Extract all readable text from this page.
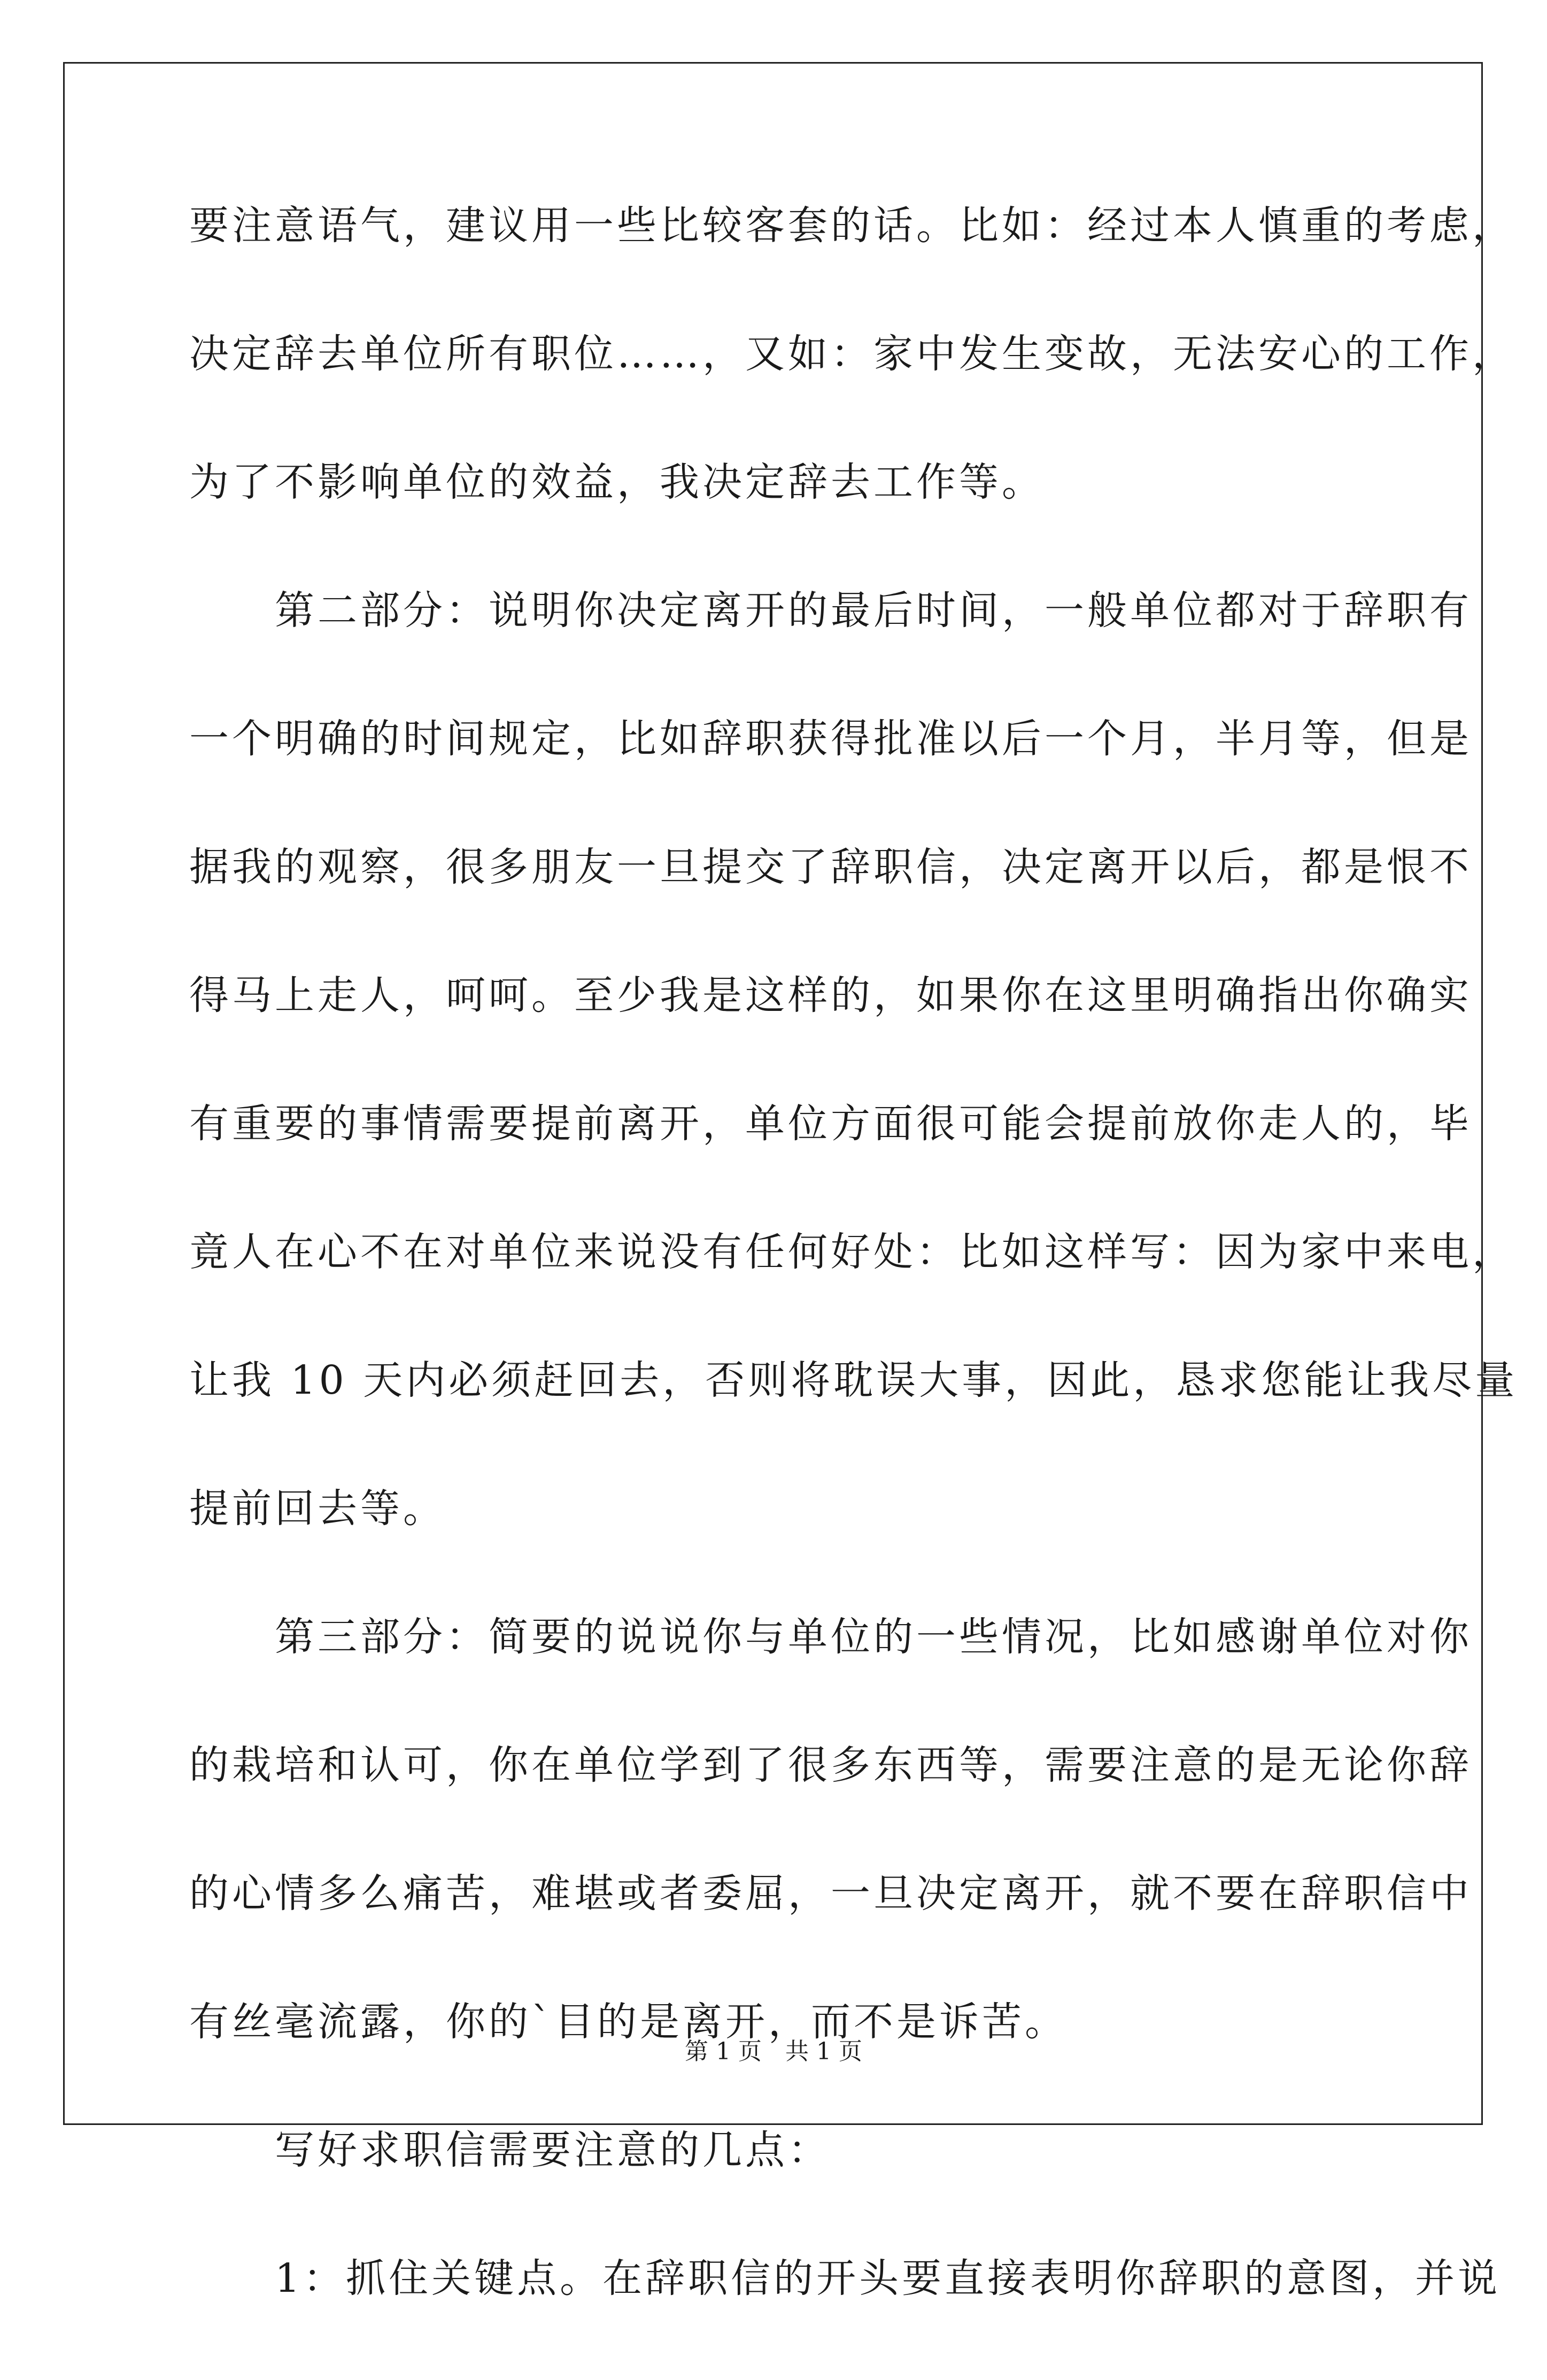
要注意语气，建议用一些比较客套的话。比如：经过本人慎重的考虑，
决定辞去单位所有职位……，又如：家中发生变故，无法安心的工作，
为了不影响单位的效益，我决定辞去工作等。
　　第二部分：说明你决定离开的最后时间，一般单位都对于辞职有
一个明确的时间规定，比如辞职获得批准以后一个月，半月等，但是
据我的观察，很多朋友一旦提交了辞职信，决定离开以后，都是恨不
得马上走人，呵呵。至少我是这样的，如果你在这里明确指出你确实
有重要的事情需要提前离开，单位方面很可能会提前放你走人的，毕
竟人在心不在对单位来说没有任何好处：比如这样写：因为家中来电，
让我 10 天内必须赶回去，否则将耽误大事，因此，恳求您能让我尽量
提前回去等。
　　第三部分：简要的说说你与单位的一些情况，比如感谢单位对你
的栽培和认可，你在单位学到了很多东西等，需要注意的是无论你辞
的心情多么痛苦，难堪或者委屈，一旦决定离开，就不要在辞职信中
有丝毫流露，你的`目的是离开，而不是诉苦。
　　写好求职信需要注意的几点：
　　1：抓住关键点。在辞职信的开头要直接表明你辞职的意图，并说
第 1 页　共 1 页
